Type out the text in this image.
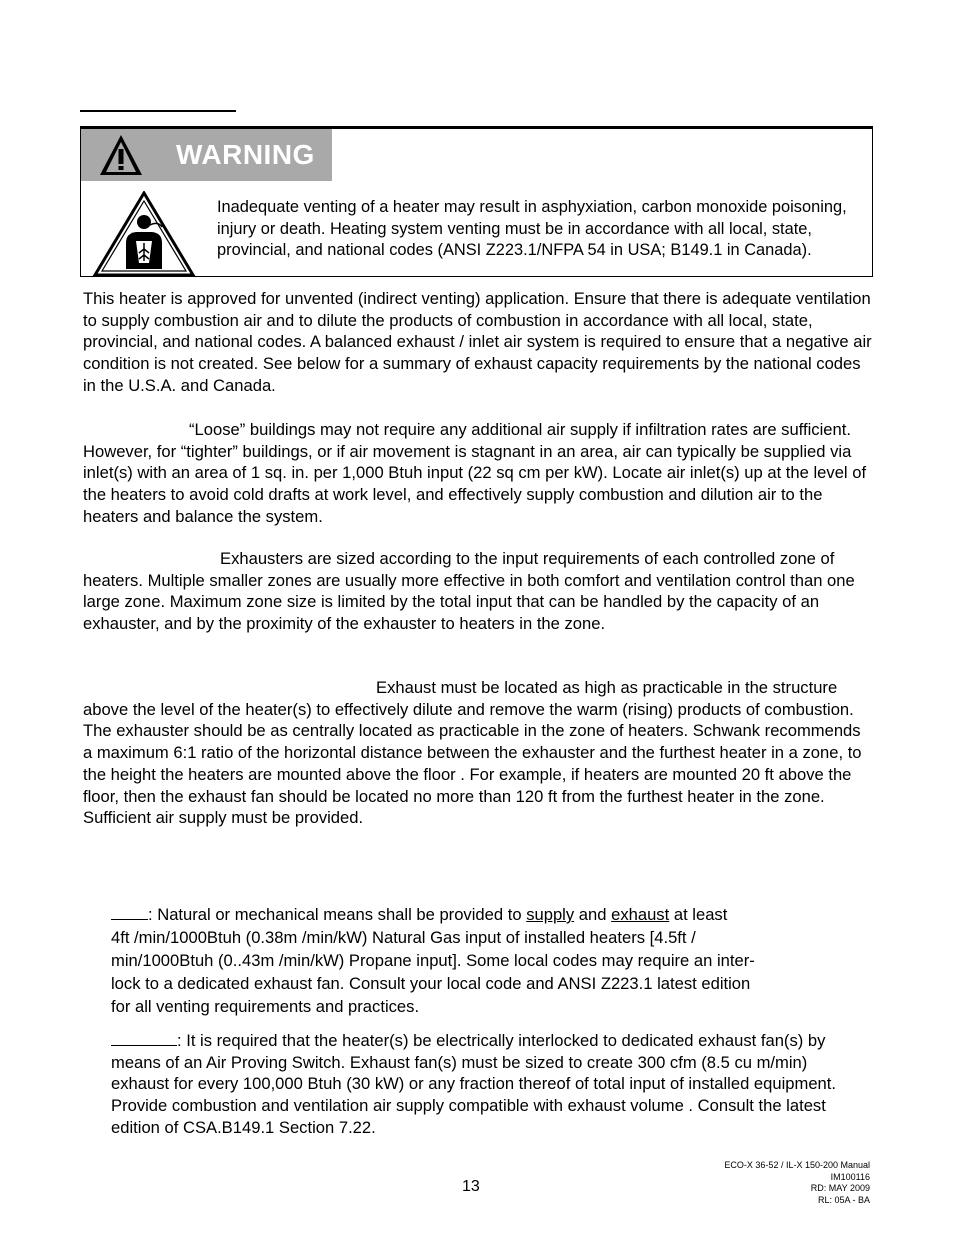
WARNING
Inadequate venting of a heater may result in asphyxiation, carbon monoxide poisoning, injury or death. Heating system venting must be in accordance with all local, state, provincial, and national codes (ANSI Z223.1/NFPA 54 in USA; B149.1 in Canada).

This heater is approved for unvented (indirect venting) application. Ensure that there is adequate ventilation to supply combustion air and to dilute the products of combustion in accordance with all local, state, provincial, and national codes. A balanced exhaust / inlet air system is required to ensure that a negative air condition is not created. See below for a summary of exhaust capacity requirements by the national codes in the U.S.A. and Canada.

“Loose” buildings may not require any additional air supply if infiltration rates are sufficient. However, for “tighter” buildings, or if air movement is stagnant in an area, air can typically be supplied via inlet(s) with an area of 1 sq. in. per 1,000 Btuh input (22 sq cm per kW). Locate air inlet(s) up at the level of the heaters to avoid cold drafts at work level, and effectively supply combustion and dilution air to the heaters and balance the system.

Exhausters are sized according to the input requirements of each controlled zone of heaters. Multiple smaller zones are usually more effective in both comfort and ventilation control than one large zone. Maximum zone size is limited by the total input that can be handled by the capacity of an exhauster, and by the proximity of the exhauster to heaters in the zone.

Exhaust must be located as high as practicable in the structure above the level of the heater(s) to effectively dilute and remove the warm (rising) products of combustion. The exhauster should be as centrally located as practicable in the zone of heaters. Schwank recommends a maximum 6:1 ratio of the horizontal distance between the exhauster and the furthest heater in a zone, to the height the heaters are mounted above the floor . For example, if heaters are mounted 20 ft above the floor, then the exhaust fan should be located no more than 120 ft from the furthest heater in the zone. Sufficient air supply must be provided.

: Natural or mechanical means shall be provided to supply and exhaust at least
4ft /min/1000Btuh (0.38m /min/kW) Natural Gas input of installed heaters [4.5ft /
min/1000Btuh (0..43m /min/kW) Propane input]. Some local codes may require an inter-
lock to a dedicated exhaust fan. Consult your local code and ANSI Z223.1 latest edition
for all venting requirements and practices.
: It is required that the heater(s) be electrically interlocked to dedicated exhaust fan(s) by means of an Air Proving Switch. Exhaust fan(s) must be sized to create 300 cfm (8.5 cu m/min) exhaust for every 100,000 Btuh (30 kW) or any fraction thereof of total input of installed equipment. Provide combustion and ventilation air supply compatible with exhaust volume . Consult the latest edition of CSA.B149.1 Section 7.22.
13
ECO-X 36-52 / IL-X 150-200 Manual
IM100116
RD: MAY 2009
RL: 05A - BA
